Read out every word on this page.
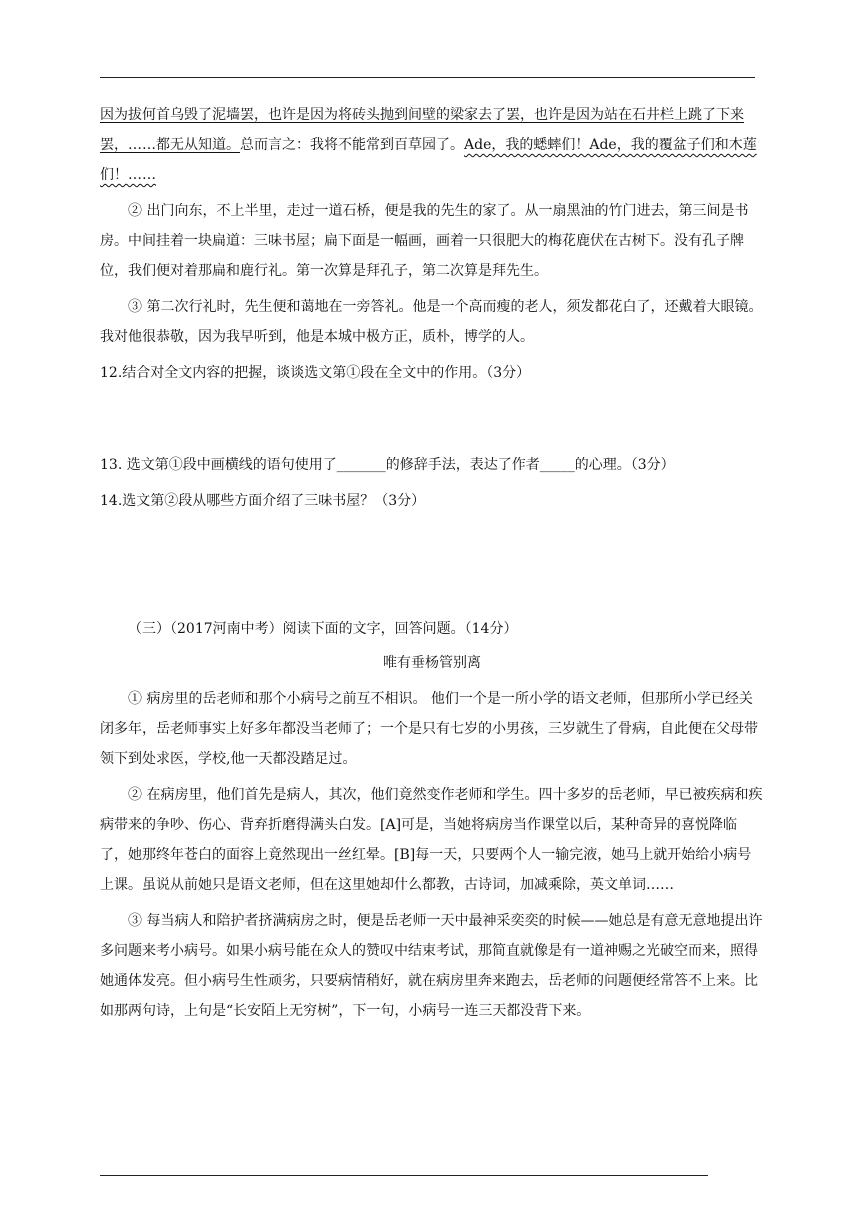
因为拔何首乌毁了泥墙罢，也许是因为将砖头抛到间壁的梁家去了罢，也许是因为站在石井栏上跳了下来罢，……都无从知道。总而言之：我将不能常到百草园了。Ade，我的蟋蟀们！Ade，我的覆盆子们和木莲们！……

② 出门向东，不上半里，走过一道石桥，便是我的先生的家了。从一扇黑油的竹门进去，第三间是书房。中间挂着一块扁道：三味书屋；扁下面是一幅画，画着一只很肥大的梅花鹿伏在古树下。没有孔子牌位，我们便对着那扁和鹿行礼。第一次算是拜孔子，第二次算是拜先生。

③ 第二次行礼时，先生便和蔼地在一旁答礼。他是一个高而瘦的老人，须发都花白了，还戴着大眼镜。我对他很恭敬，因为我早听到，他是本城中极方正，质朴，博学的人。

12.结合对全文内容的把握，谈谈选文第①段在全文中的作用。（3分）

13. 选文第①段中画横线的语句使用了_______的修辞手法，表达了作者_____的心理。（3分）

14.选文第②段从哪些方面介绍了三味书屋？（3分）

（三）（2017河南中考）阅读下面的文字，回答问题。（14分）

唯有垂杨管别离

① 病房里的岳老师和那个小病号之前互不相识。 他们一个是一所小学的语文老师，但那所小学已经关闭多年，岳老师事实上好多年都没当老师了；一个是只有七岁的小男孩，三岁就生了骨病，自此便在父母带领下到处求医，学校,他一天都没踏足过。

② 在病房里，他们首先是病人，其次，他们竟然变作老师和学生。四十多岁的岳老师，早已被疾病和疾病带来的争吵、伤心、背弃折磨得满头白发。[A]可是，当她将病房当作课堂以后，某种奇异的喜悦降临了，她那终年苍白的面容上竟然现出一丝红晕。[B]每一天，只要两个人一输完液，她马上就开始给小病号上课。虽说从前她只是语文老师，但在这里她却什么都教，古诗词，加减乘除，英文单词……

③ 每当病人和陪护者挤满病房之时，便是岳老师一天中最神采奕奕的时候——她总是有意无意地提出许多问题来考小病号。如果小病号能在众人的赞叹中结束考试，那简直就像是有一道神赐之光破空而来，照得她通体发亮。但小病号生性顽劣，只要病情稍好，就在病房里奔来跑去，岳老师的问题便经常答不上来。比如那两句诗，上句是“长安陌上无穷树”，下一句，小病号一连三天都没背下来。
